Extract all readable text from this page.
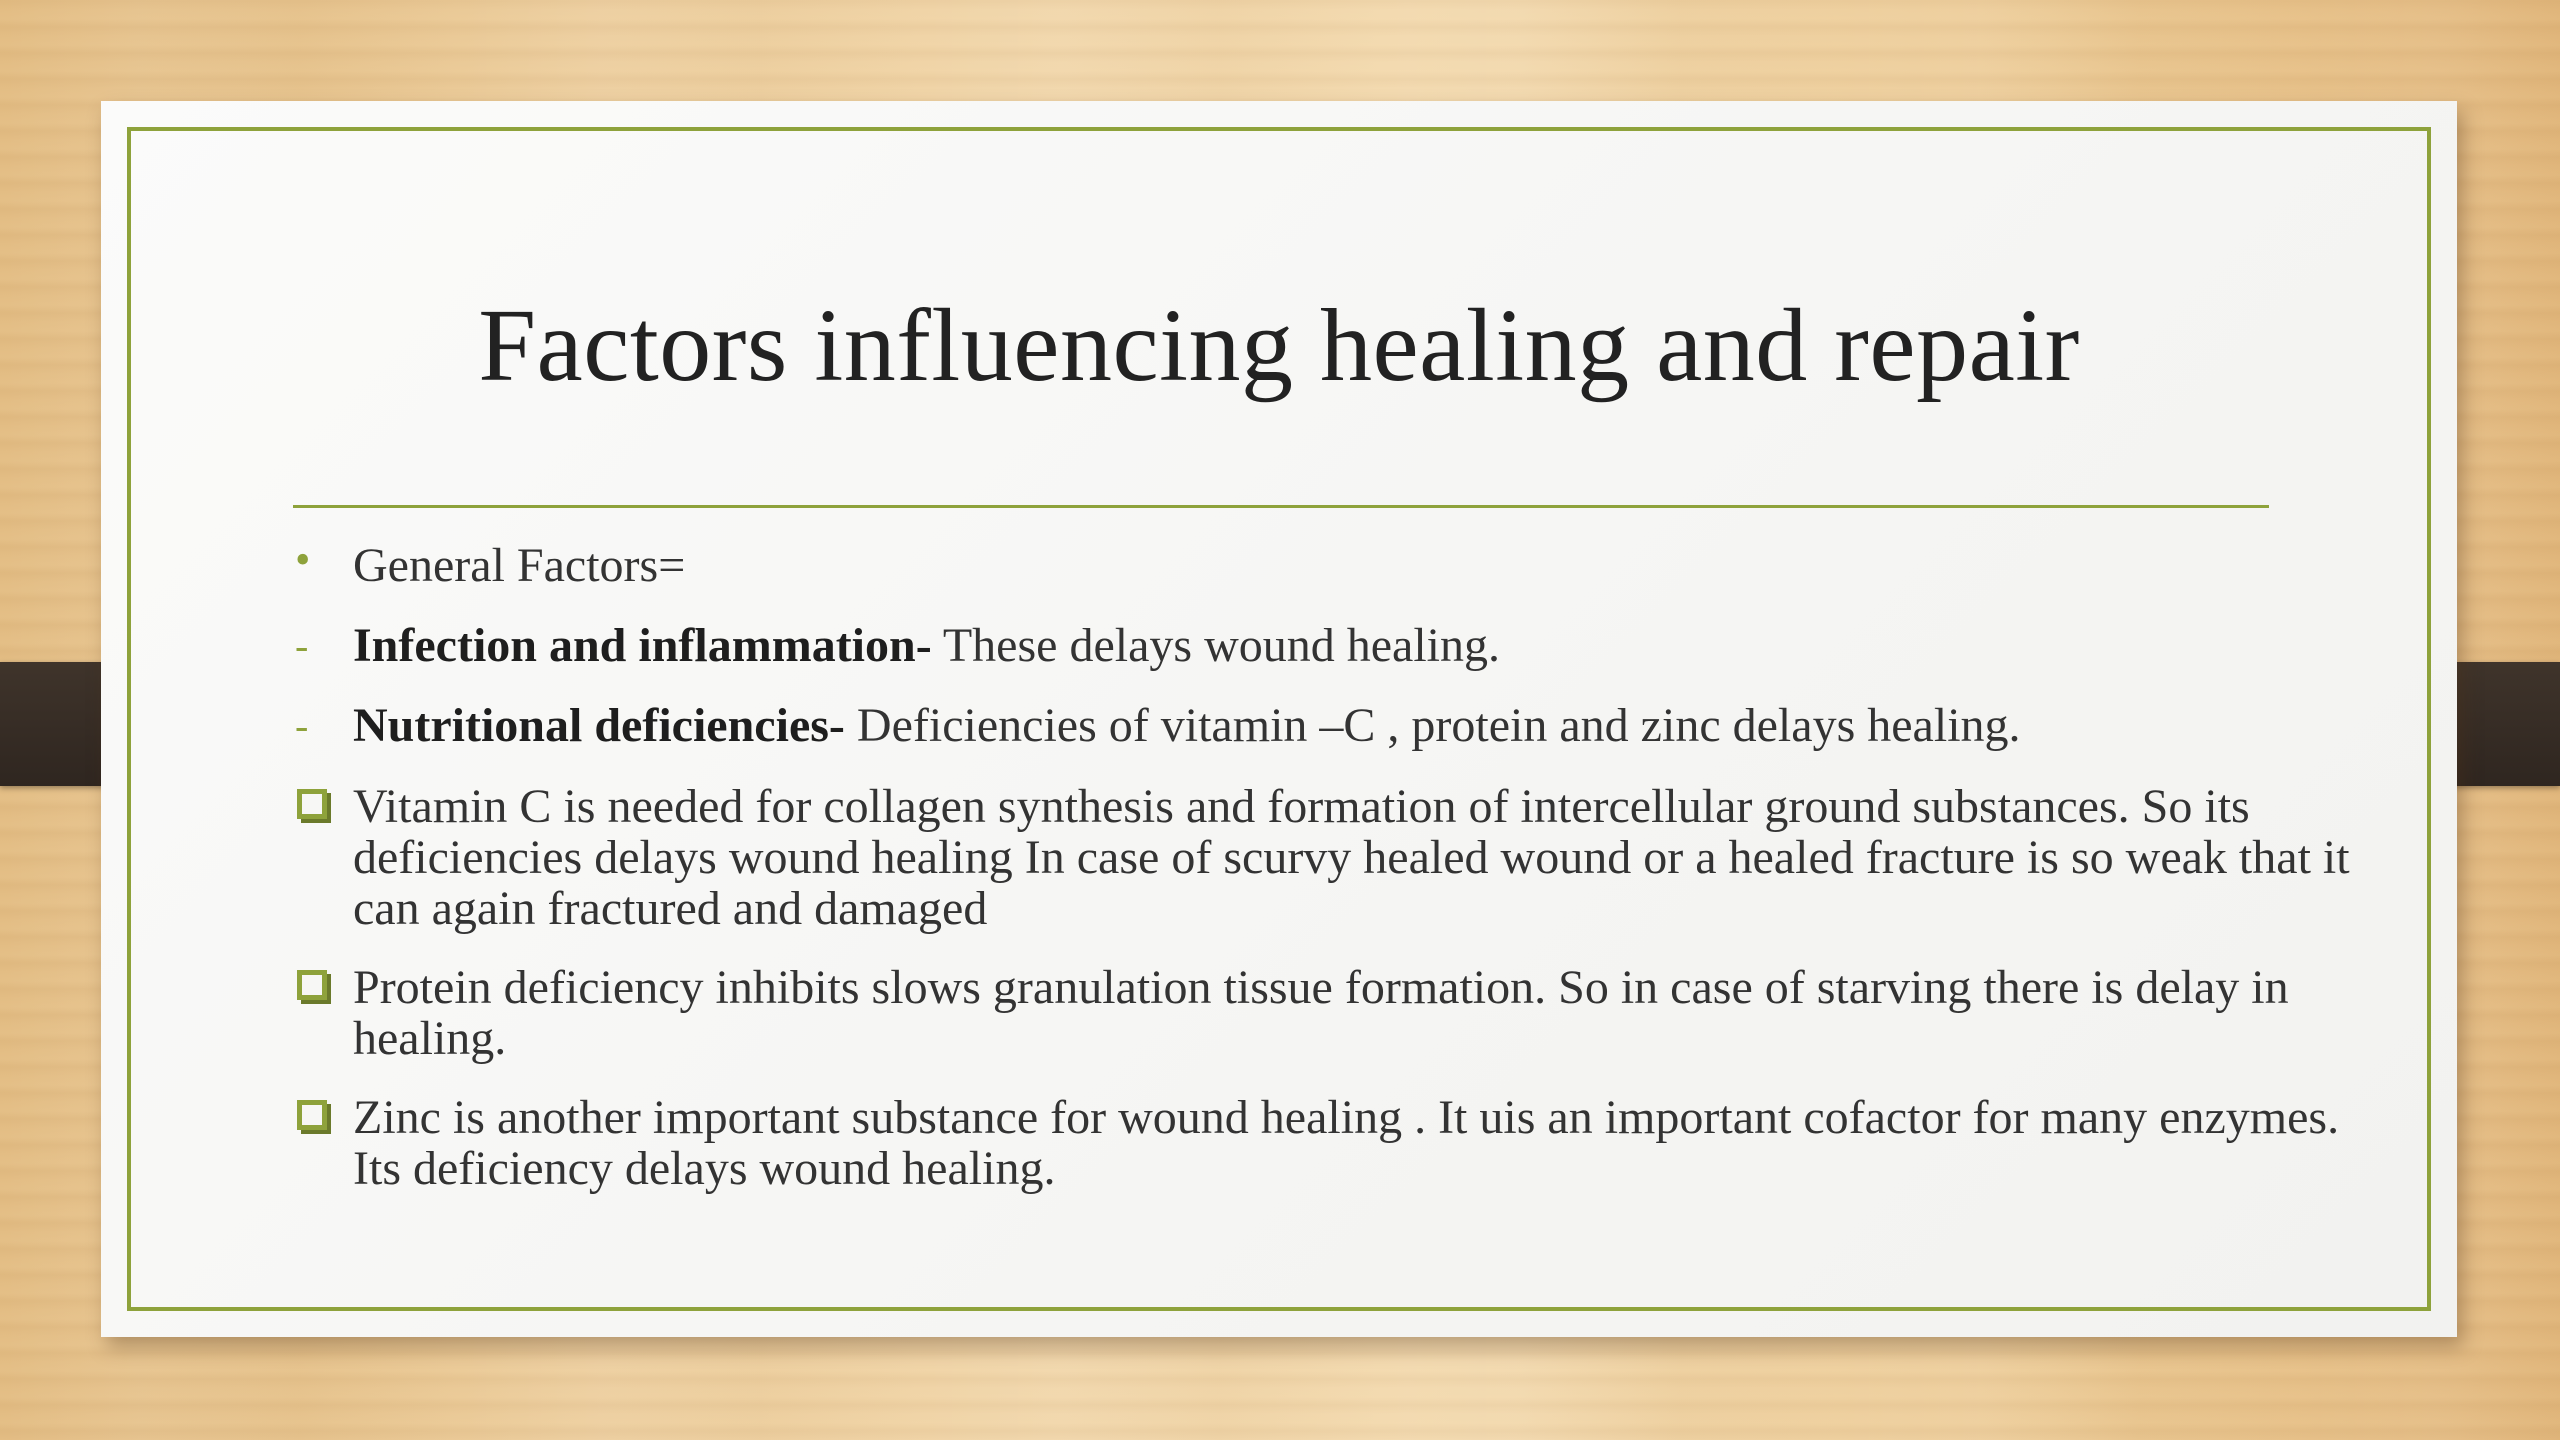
Factors influencing healing and repair
• General Factors=
- Infection and inflammation- These delays wound healing.
- Nutritional deficiencies- Deficiencies of vitamin –C , protein and zinc delays healing.
Vitamin C is needed for collagen synthesis and formation of intercellular ground substances. So its deficiencies delays wound healing In case of scurvy healed wound or a healed fracture is so weak that it can again fractured and damaged
Protein deficiency inhibits slows granulation tissue formation. So in case of starving there is delay in healing.
Zinc is another important substance for wound healing . It uis an important cofactor for many enzymes. Its deficiency delays wound healing.
